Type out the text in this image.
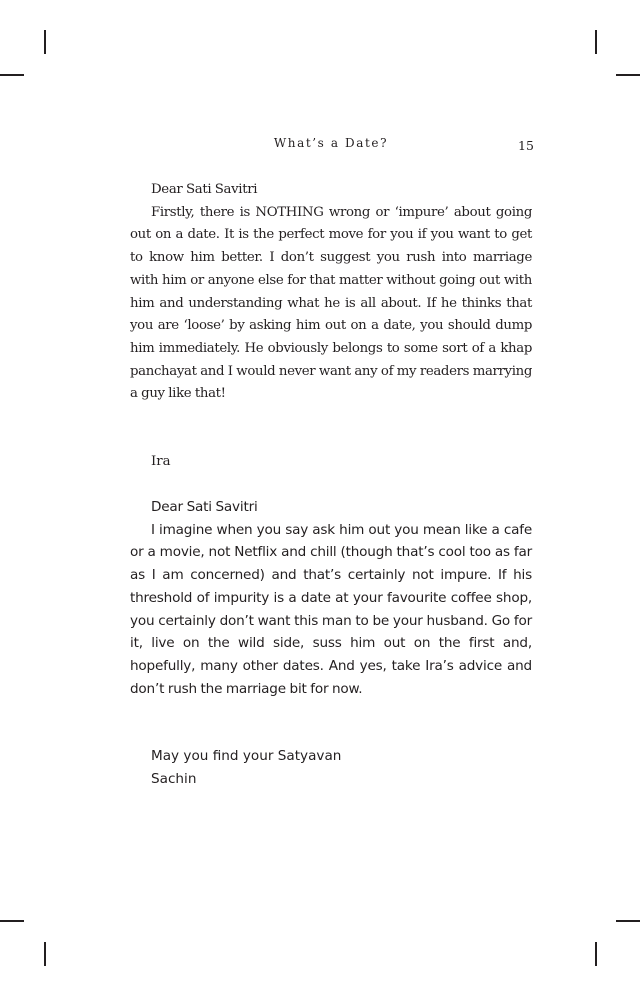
What’s a Date?	15
Dear Sati Savitri

Firstly, there is NOTHING wrong or ‘impure’ about going out on a date. It is the perfect move for you if you want to get to know him better. I don’t suggest you rush into marriage with him or anyone else for that matter without going out with him and understanding what he is all about. If he thinks that you are ‘loose’ by asking him out on a date, you should dump him immediately. He obviously belongs to some sort of a khap panchayat and I would never want any of my readers marrying a guy like that!

Ira
Dear Sati Savitri

I imagine when you say ask him out you mean like a cafe or a movie, not Netflix and chill (though that’s cool too as far as I am concerned) and that’s certainly not impure. If his threshold of impurity is a date at your favourite coffee shop, you certainly don’t want this man to be your husband. Go for it, live on the wild side, suss him out on the first and, hopefully, many other dates. And yes, take Ira’s advice and don’t rush the marriage bit for now.

May you find your Satyavan
Sachin
